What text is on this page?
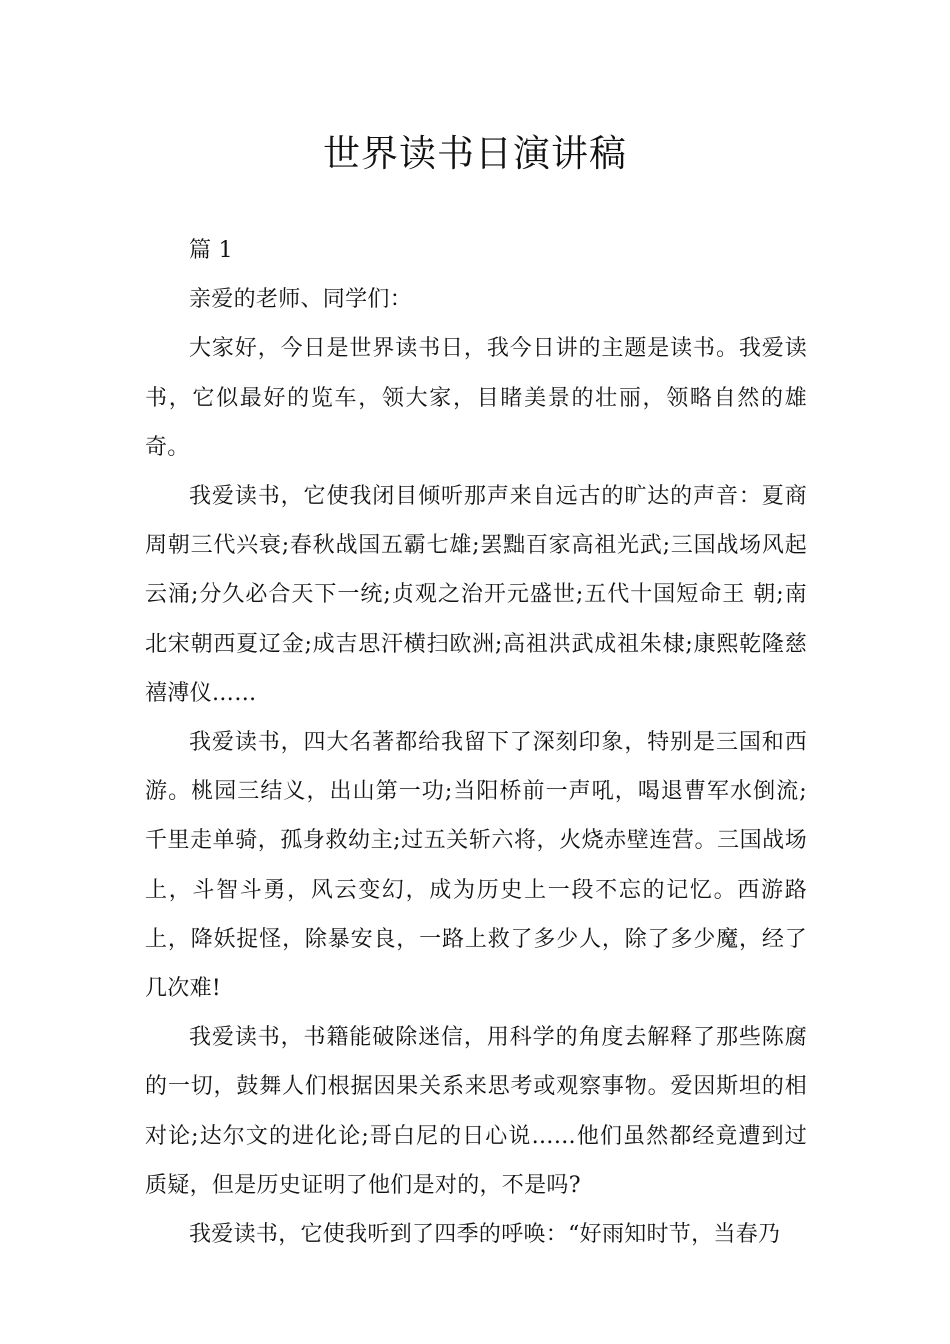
世界读书日演讲稿

篇 1

亲爱的老师、同学们：

大家好，今日是世界读书日，我今日讲的主题是读书。我爱读书，它似最好的览车，领大家，目睹美景的壮丽，领略自然的雄奇。

我爱读书，它使我闭目倾听那声来自远古的旷达的声音：夏商周朝三代兴衰;春秋战国五霸七雄;罢黜百家高祖光武;三国战场风起云涌;分久必合天下一统;贞观之治开元盛世;五代十国短命王 朝;南北宋朝西夏辽金;成吉思汗横扫欧洲;高祖洪武成祖朱棣;康熙乾隆慈禧溥仪……

我爱读书，四大名著都给我留下了深刻印象，特别是三国和西游。桃园三结义，出山第一功;当阳桥前一声吼，喝退曹军水倒流;千里走单骑，孤身救幼主;过五关斩六将，火烧赤壁连营。三国战场上，斗智斗勇，风云变幻，成为历史上一段不忘的记忆。西游路上，降妖捉怪，除暴安良，一路上救了多少人，除了多少魔，经了几次难!

我爱读书，书籍能破除迷信，用科学的角度去解释了那些陈腐的一切，鼓舞人们根据因果关系来思考或观察事物。爱因斯坦的相对论;达尔文的进化论;哥白尼的日心说……他们虽然都经竟遭到过质疑，但是历史证明了他们是对的，不是吗?

我爱读书，它使我听到了四季的呼唤：“好雨知时节，当春乃
